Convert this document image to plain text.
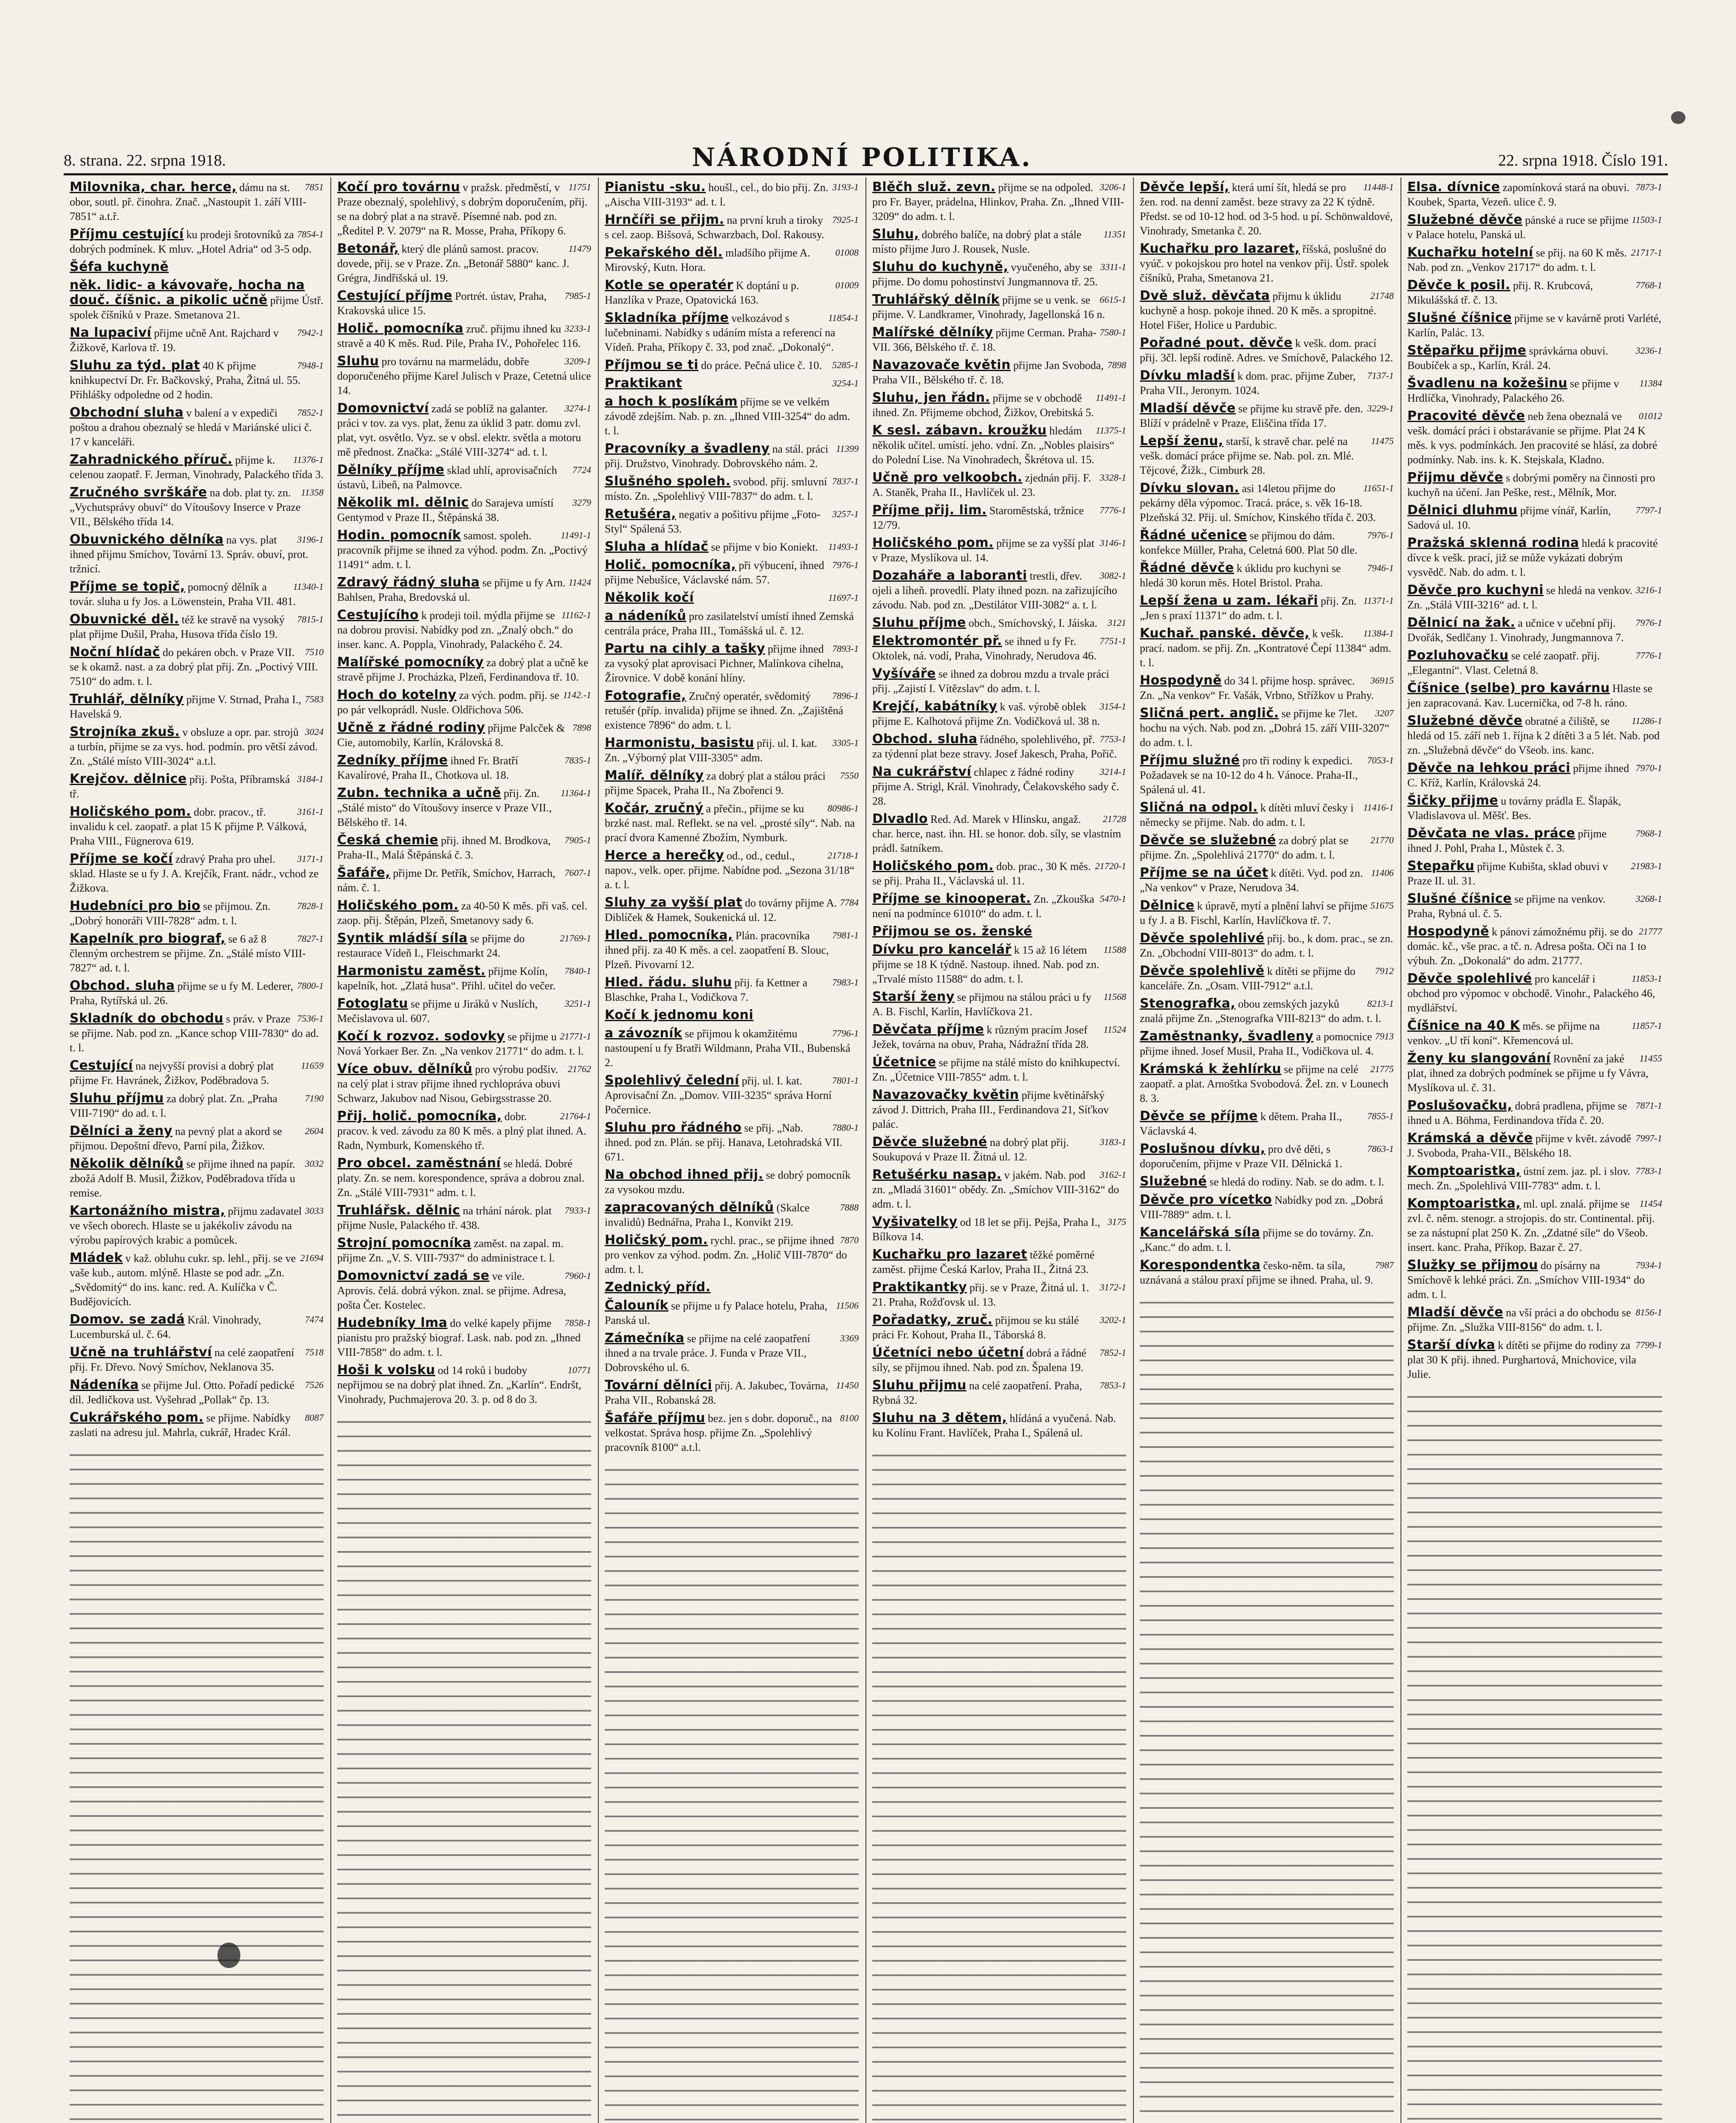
8. strana. 22. srpna 1918.	NÁRODNÍ POLITIKA.	22. srpna 1918. Číslo 191.
7851
Milovnika, char. herce, dámu na st. obor, soutl. př. činohra. Znač. „Nastoupit 1. září VIII-7851“ a.t.ř.
7854-1
Příjmu cestující ku prodeji šrotovníků za dobrých podmínek. K mluv. „Hotel Adria“ od 3-5 odp.
Šéfa kuchyně
něk. lidic- a kávovaře, hocha na douč. číšnic. a pikolic učně přijme Ústř. spolek číšníků v Praze. Smetanova 21.
7942-1
Na lupaciví přijme učně Ant. Rajchard v Žižkově, Karlova tř. 19.
7948-1
Sluhu za týd. plat 40 K přijme knihkupectví Dr. Fr. Bačkovský, Praha, Žitná ul. 55. Přihlášky odpoledne od 2 hodin.
7852-1
Obchodní sluha v balení a v expediči poštou a drahou obeznalý se hledá v Mariánské ulici č. 17 v kanceláři.
11376-1
Zahradnického příruč. přijme k. celenou zaopatř. F. Jerman, Vinohrady, Palackého třída 3.
11358
Zručného svrškáře na dob. plat ty. zn. „Vychutsprávy obuví“ do Vítoušovy Inserce v Praze VII., Bělského třída 14.
3196-1
Obuvnického dělníka na vys. plat ihned přijmu Smíchov, Tovární 13. Správ. obuví, prot. tržnicí.
11340-1
Příjme se topič, pomocný dělník a továr. sluha u fy Jos. a Löwenstein, Praha VII. 481.
7815-1
Obuvnické děl. též ke stravě na vysoký plat přijme Dušil, Praha, Husova třída číslo 19.
7510
Noční hlídač do pekáren obch. v Praze VII. se k okamž. nast. a za dobrý plat přij. Zn. „Poctivý VIII. 7510“ do adm. t. l.
7583
Truhlář, dělníky přijme V. Strnad, Praha I., Havelská 9.
3024
Strojníka zkuš. v obsluze a opr. par. strojů a turbín, přijme se za vys. hod. podmín. pro větší závod. Zn. „Stálé místo VIII-3024“ a.t.l.
3184-1
Krejčov. dělnice přij. Pošta, Příbramská tř.
3161-1
Holičského pom. dobr. pracov., tř. invalidu k cel. zaopatř. a plat 15 K přijme P. Válková, Praha VIII., Fügnerova 619.
3171-1
Příjme se kočí zdravý Praha pro uhel. sklad. Hlaste se u fy J. A. Krejčík, Frant. nádr., vchod ze Žižkova.
7828-1
Hudebníci pro bio se přijmou. Zn. „Dobrý honoráři VIII-7828“ adm. t. l.
7827-1
Kapelník pro biograf, se 6 až 8 členným orchestrem se přijme. Zn. „Stálé místo VIII-7827“ ad. t. l.
7800-1
Obchod. sluha přijme se u fy M. Lederer, Praha, Rytířská ul. 26.
7536-1
Skladník do obchodu s práv. v Praze se přijme. Nab. pod zn. „Kance schop VIII-7830“ do ad. t. l.
11659
Cestující na nejvyšší provisi a dobrý plat přijme Fr. Havránek, Žižkov, Poděbradova 5.
7190
Sluhu příjmu za dobrý plat. Zn. „Praha VIII-7190“ do ad. t. l.
2604
Dělníci a ženy na pevný plat a akord se přijmou. Depoštní dřevo, Parní pila, Žižkov.
3032
Několik dělníků se přijme ihned na papír. zbožá Adolf B. Musil, Žižkov, Poděbradova třída u remise.
3033
Kartonážního mistra, přijmu zadavatel ve všech oborech. Hlaste se u jakékoliv závodu na výrobu papírových krabic a pomůcek.
21694
Mládek v kaž. obluhu cukr. sp. lehl., přij. se ve vaše kub., autom. mlýně. Hlaste se pod adr. „Zn. „Svědomitý“ do ins. kanc. red. A. Kulíčka v Č. Budějovicích.
7474
Domov. se zadá Král. Vinohrady, Lucemburská ul. č. 64.
7518
Učně na truhlářství na celé zaopatření přij. Fr. Dřevo. Nový Smíchov, Neklanova 35.
7526
Nádeníka se přijme Jul. Otto. Pořadí pedické díl. Jedličkova ust. Vyšehrad „Pollak“ čp. 13.
8087
Cukrářského pom. se přijme. Nabídky zaslati na adresu jul. Mahrla, cukrář, Hradec Král.
11751
Kočí pro továrnu v pražsk. předměstí, v Praze obeznalý, spolehlivý, s dobrým doporučením, přij. se na dobrý plat a na stravě. Písemné nab. pod zn. „Ředitel P. V. 2079“ na R. Mosse, Praha, Příkopy 6.
11479
Betonář, který dle plánů samost. pracov. dovede, přij. se v Praze. Zn. „Betonář 5880“ kanc. J. Grégra, Jindřišská ul. 19.
7985-1
Cestující příjme Portrét. ústav, Praha, Krakovská ulice 15.
3233-1
Holič. pomocníka zruč. přijmu ihned ku stravě a 40 K měs. Rud. Pile, Praha IV., Pohořelec 116.
3209-1
Sluhu pro továrnu na marmeládu, dobře doporučeného přijme Karel Julisch v Praze, Cetetná ulice 14.
3274-1
Domovnictví zadá se poblíž na galanter. práci v tov. za vys. plat, ženu za úklid 3 patr. domu zvl. plat, vyt. osvětlo. Vyz. se v obsl. elektr. světla a motoru mě přednost. Značka: „Stálé VIII-3274“ ad. t. l.
7724
Dělníky příjme sklad uhlí, aprovisačních ústavů, Libeň, na Palmovce.
3279
Několik ml. dělnic do Sarajeva umístí Gentymod v Praze II., Štěpánská 38.
11491-1
Hodin. pomocník samost. spoleh. pracovník přijme se ihned za výhod. podm. Zn. „Poctivý 11491“ adm. t. l.
11424
Zdravý řádný sluha se přijme u fy Arn. Bahlsen, Praha, Bredovská ul.
11162-1
Cestujícího k prodeji toil. mýdla přijme se na dobrou provisi. Nabídky pod zn. „Znalý obch.“ do inser. kanc. A. Poppla, Vinohrady, Palackého č. 24.
Malířské pomocníky za dobrý plat a učně ke stravě přijme J. Procházka, Plzeň, Ferdinandova tř. 10.
1142.-1
Hoch do kotelny za vých. podm. přij. se po pár velkoprádl. Nusle. Oldřichova 506.
7898
Učně z řádné rodiny přijme Palcček & Cie, automobily, Karlín, Královská 8.
7835-1
Zedníky příjme ihned Fr. Bratří Kavalírové, Praha II., Chotkova ul. 18.
11364-1
Zubn. technika a učně přij. Zn. „Stálé misto“ do Vítoušovy inserce v Praze VII., Bělského tř. 14.
7905-1
Česká chemie přij. ihned M. Brodkova, Praha-II., Malá Štěpánská č. 3.
7607-1
Šafáře, přijme Dr. Petřík, Smíchov, Harrach, nám. č. 1.
Holičského pom. za 40-50 K měs. při vaš. cel. zaop. přij. Štěpán, Plzeň, Smetanovy sady 6.
21769-1
Syntik mládší síla se přijme do restaurace Vídeň I., Fleischmarkt 24.
7840-1
Harmonistu zaměst. přijme Kolín, kapelník, hot. „Zlatá husa“. Přihl. učitel do večer.
3251-1
Fotoglatu se přijme u Jiráků v Nuslích, Mečislavova ul. 607.
21771-1
Kočí k rozvoz. sodovky se přijme u Nová Yorkaer Ber. Zn. „Na venkov 21771“ do adm. t. l.
21762
Více obuv. dělníků pro výrobu podšiv. na celý plat i strav přijme ihned rychlopráva obuvi Schwarz, Jakubov nad Nisou, Gebirgsstrasse 20.
21764-1
Přij. holič. pomocníka, dobr. pracov. k ved. závodu za 80 K měs. a plný plat ihned. A. Radn, Nymburk, Komenského tř.
Pro obcel. zaměstnání se hledá. Dobré platy. Zn. se nem. korespondence, správa a dobrou znal. Zn. „Stálé VIII-7931“ adm. t. l.
7933-1
Truhlářsk. dělnic na trhání nárok. plat přijme Nusle, Palackého tř. 438.
Strojní pomocníka zaměst. na zapal. m. přijme Zn. „V. S. VIII-7937“ do administrace t. l.
7960-1
Domovnictví zadá se ve vile. Aprovis. čelá. dobrá výkon. znal. se přijme. Adresa, pošta Čer. Kosteleс.
7858-1
Hudebníky lma do velké kapely přijme pianistu pro pražský biograf. Lask. nab. pod zn. „Ihned VIII-7858“ do adm. t. l.
10771
Hoši k volsku od 14 roků i budoby nepřijmou se na dobrý plat ihned. Zn. „Karlín“. Endršt, Vinohrady, Puchmajerova 20. 3. p. od 8 do 3.
3193-1
Pianistu -sku. houšl., cel., do bio přij. Zn. „Aischa VIII-3193“ ad. t. l.
7925-1
Hrnčíři se přijm. na první kruh a tiroky s cel. zaop. Bišsová, Schwarzbach, Dol. Rakousy.
01008
Pekařského děl. mladšího přijme A. Mirovský, Kutn. Hora.
01009
Kotle se operatér K doptání u p. Hanzlíka v Praze, Opatovická 163.
11854-1
Skladníka příjme velkozávod s lučebninami. Nabídky s udáním místa a referencí na Vídeň. Praha, Příkopy č. 33, pod znač. „Dokonalý“.
5285-1
Příjmou se ti do práce. Pečná ulice č. 10.
3254-1
Praktikant
a hoch k poslíkám přijme se ve velkém závodě zdejším. Nab. p. zn. „Ihned VIII-3254“ do adm. t. l.
11399
Pracovníky a švadleny na stál. práci přij. Družstvo, Vinohrady. Dobrovského nám. 2.
7837-1
Slušného spoleh. svobod. přij. smluvní místo. Zn. „Spolehlivý VIII-7837“ do adm. t. l.
3257-1
Retušéra, negativ a pošitivu přijme „Foto-Styl“ Spálená 53.
11493-1
Sluha a hlídač se přijme v bio Koniekt.
7976-1
Holič. pomocníka, při výbucení, ihned přijme Nebušice, Václavské nám. 57.
11697-1
Několik kočí
a nádeníků pro zasilatelství umístí ihned Zemská centrála práce, Praha III., Tomášská ul. č. 12.
7893-1
Partu na cihly a tašky přijme ihned za vysoký plat aprovisací Pichner, Malínkova cihelna, Žírovnice. V době konání hlíny.
7896-1
Fotografie, Zručný operatér, svědomitý retušér (příp. invalida) přijme se ihned. Zn. „Zajištěná existence 7896“ do adm. t. l.
3305-1
Harmonistu, basistu přij. ul. I. kat. Zn. „Výborný plat VIII-3305“ adm.
7550
Malíř. dělníky za dobrý plat a stálou práci přijme Spacek, Praha II., Na Zbořenci 9.
80986-1
Kočár, zručný a přečin., přijme se ku brzké nast. mal. Reflekt. se na vel. „prosté síly“. Nab. na prací dvora Kamenné Zbožím, Nymburk.
21718-1
Herce a herečky od., od., cedul., napov., velk. oper. přijme. Nabídne pod. „Sezona 31/18“ a. t. l.
7784
Sluhy za vyšší plat do továrny přijme A. Diblíček & Hamek, Soukenická ul. 12.
7981-1
Hled. pomocníka, Plán. pracovníka ihned přij. za 40 K měs. a cel. zaopatření B. Slouc, Plzeň. Pivovarní 12.
7983-1
Hled. řádu. sluhu přij. fa Kettner a Blaschke, Praha I., Vodičkova 7.
Kočí k jednomu koni
7796-1
a závozník se přijmou k okamžitému nastoupení u fy Bratři Wildmann, Praha VII., Bubenská 2.
7801-1
Spolehlivý čelední přij. ul. I. kat. Aprovisační Zn. „Domov. VIII-3235“ správa Horní Počernice.
7880-1
Sluhu pro řádného se přij. „Nab. ihned. pod zn. Plán. se přij. Hanava, Letohradská VII. 671.
Na obchod ihned přij. se dobrý pomocník za vysokou mzdu.
7888
zapracovaných dělníků (Skalce invalidů) Bednářna, Praha I., Konvikt 219.
7870
Holičský pom. rychl. prac., se přijme ihned pro venkov za výhod. podm. Zn. „Holič VIII-7870“ do adm. t. l.
Zednický příd.
11506
Čalouník se přijme u fy Palace hotelu, Praha, Panská ul.
3369
Zámečníka se přijme na celé zaopatření ihned a na trvale práce. J. Funda v Praze VII., Dobrovského ul. 6.
11450
Tovární dělníci přij. A. Jakubec, Továrna, Praha VII., Robanská 28.
8100
Šafáře příjmu bez. jen s dobr. doporuč., na velkostat. Správa hosp. přijme Zn. „Spolehlivý pracovník 8100“ a.t.l.
3206-1
Blěčh služ. zevn. přijme se na odpoled. pro Fr. Bayer, prádelna, Hlinkov, Praha. Zn. „Ihned VIII-3209“ do adm. t. l.
11351
Sluhu, dobrého balíče, na dobrý plat a stále místo přijme Juro J. Rousek, Nusle.
3311-1
Sluhu do kuchyně, vyučeného, aby se přijme. Do domu pohostinství Jungmannova tř. 25.
6615-1
Truhlářský dělník přijme se u venk. se přijme. V. Landkramer, Vinohrady, Jagellonská 16 n.
7580-1
Malířské dělníky přijme Cerman. Praha-VII. 366, Bělského tř. č. 18.
7898
Navazovače květin přijme Jan Svoboda, Praha VII., Bělského tř. č. 18.
11491-1
Sluhu, jen řádn. přijme se v obchodě ihned. Zn. Přijmeme obchod, Žižkov, Orebitská 5.
11375-1
K sesl. zábavn. kroužku hledám několik učitel. umístí. jeho. vdní. Zn. „Nobles plaisirs“ do Polední Lise. Na Vinohradech, Škrétova ul. 15.
3328-1
Učně pro velkoobch. zjednán přij. F. A. Staněk, Praha II., Havlíček ul. 23.
7776-1
Příjme přij. lim. Staroměstská, tržnice 12/79.
3146-1
Holičského pom. přijme se za vyšší plat v Praze, Myslíkova ul. 14.
3082-1
Dozaháře a laboranti trestli, dřev. ojeli a líheň. provedlí. Platy ihned pozn. na zařizujícího závodu. Nab. pod zn. „Destilátor VIII-3082“ a. t. l.
3121
Sluhu příjme obch., Smíchovský, I. Jáiska.
7751-1
Elektromontér př. se ihned u fy Fr. Oktolek, ná. vodí, Praha, Vinohrady, Nerudova 46.
Vyšíváře se ihned za dobrou mzdu a trvale práci přij. „Zajistí I. Vítězslav“ do adm. t. l.
3154-1
Krejčí, kabátníky k vaš. výrobě oblek přijme E. Kalhotová přijme Zn. Vodičková ul. 38 n.
7753-1
Obchod. sluha řádného, spolehlivého, př. za týdenní plat beze stravy. Josef Jakesch, Praha, Pořič.
3214-1
Na cukrářství chlapec z řádné rodiny přijme A. Strigl, Král. Vinohrady, Čelakovského sady č. 28.
21728
Dlvadlo Red. Ad. Marek v Hlinsku, angaž. char. herce, nast. ihn. HI. se honor. dob. síly, se vlastním prádl. šatníkem.
21720-1
Holičského pom. dob. prac., 30 K měs. se přij. Praha II., Václavská ul. 11.
5470-1
Příjme se kinooperat. Zn. „Zkouška není na podmínce 61010“ do adm. t. l.
Přijmou se os. ženské
11588
Dívku pro kancelář k 15 až 16 létem přijme se 18 K týdně. Nastoup. ihned. Nab. pod zn. „Trvalé místo 11588“ do adm. t. l.
11568
Starší ženy se přijmou na stálou práci u fy A. B. Fischl, Karlín, Havlíčkova 21.
11524
Děvčata příjme k různým pracím Josef Ježek, továrna na obuv, Praha, Nádražní třída 28.
Účetnice se přijme na stálé místo do knihkupectví. Zn. „Účetnice VIII-7855“ adm. t. l.
Navazovačky květin přijme květinářský závod J. Dittrich, Praha III., Ferdinandova 21, Síťkov palác.
3183-1
Děvče služebné na dobrý plat přij. Soukupová v Praze II. Žitná ul. 12.
3162-1
Retušérku nasap. v jakém. Nab. pod zn. „Mladá 31601“ obědy. Zn. „Smíchov VIII-3162“ do adm. t. l.
3175
Vyšivatelky od 18 let se přij. Pejša, Praha I., Bílkova 14.
Kuchařku pro lazaret těžké poměrné zaměst. přijme Česká Karlov, Praha II., Žitná 23.
3172-1
Praktikantky přij. se v Praze, Žitná ul. 1. 21. Praha, Rožďovsk ul. 13.
3202-1
Pořadatky, zruč. přijmou se ku stálé práci Fr. Kohout, Praha II., Táborská 8.
7852-1
Účetníci nebo účetní dobrá a řádné síly, se přijmou ihned. Nab. pod zn. Špalena 19.
7853-1
Sluhu přijmu na celé zaopatření. Praha, Rybná 32.
Sluhu na 3 dětem, hlídáná a vyučená. Nab. ku Kolínu Frant. Havlíček, Praha I., Spálená ul.
11448-1
Děvče lepší, která umí šít, hledá se pro žen. rod. na denní zaměst. beze stravy za 22 K týdně. Předst. se od 10-12 hod. od 3-5 hod. u pí. Schönwaldové, Vinohrady, Smetanka č. 20.
Kuchařku pro lazaret, říšská, poslušné do vyúč. v pokojskou pro hotel na venkov přij. Ústř. spolek číšníků, Praha, Smetanova 21.
21748
Dvě služ. děvčata přijmu k úklidu kuchyně a hosp. pokoje ihned. 20 K měs. a spropitné. Hotel Fišer, Holice u Pardubic.
Pořadné pout. děvče k vešk. dom. prací přij. 3čl. lepší rodině. Adres. ve Smíchově, Palackého 12.
7137-1
Dívku mladší k dom. prac. přijme Zuber, Praha VII., Jeronym. 1024.
3229-1
Mladší děvče se přijme ku stravě pře. den. Blíží v prádelně v Praze, Eliščina třída 17.
11475
Lepší ženu, starší, k stravě char. pelé na vešk. domácí práce přijme se. Nab. pol. zn. Mlé. Tějcové, Žižk., Cimburk 28.
11651-1
Dívku slovan. asi 14letou přijme do pekárny děla výpomoc. Tracá. práce, s. věk 16-18. Plzeňská 32. Přij. ul. Smíchov, Kinského třída č. 203.
7976-1
Řádné učenice se přijmou do dám. konfekce Müller, Praha, Celetná 600. Plat 50 dle.
7946-1
Řádné děvče k úklidu pro kuchyni se hledá 30 korun měs. Hotel Bristol. Praha.
11371-1
Lepší žena u zam. lékaři přij. Zn. „Jen s praxí 11371“ do adm. t. l.
11384-1
Kuchař. panské. děvče, k vešk. prací. nadom. se přij. Zn. „Kontratové Čepí 11384“ adm. t. l.
36915
Hospodyně do 34 l. přijme hosp. správec. Zn. „Na venkov“ Fr. Vašák, Vrbno, Střížkov u Prahy.
3207
Sličná pert. anglič. se přijme ke 7let. hochu na vých. Nab. pod zn. „Dobrá 15. září VIII-3207“ do adm. t. l.
7053-1
Příjmu služné pro tři rodiny k expedici. Požadavek se na 10-12 do 4 h. Vánoce. Praha-II., Spálená ul. 41.
11416-1
Sličná na odpol. k dítěti mluví česky i německy se přijme. Nab. do adm. t. l.
21770
Děvče se služebné za dobrý plat se přijme. Zn. „Spolehlivá 21770“ do adm. t. l.
11406
Příjme se na účet k dítěti. Vyd. pod zn. „Na venkov“ v Praze, Nerudova 34.
51675
Dělnice k úpravě, mytí a plnění lahví se přijme u fy J. a B. Fischl, Karlín, Havlíčkova tř. 7.
Děvče spolehlivé přij. bo., k dom. prac., se zn. Zn. „Obchodní VIII-8013“ do adm. t. l.
7912
Děvče spolehlivě k dítěti se přijme do kanceláře. Zn. „Osam. VIII-7912“ a.t.l.
8213-1
Stenografka, obou zemských jazyků znalá přijme Zn. „Stenografka VIII-8213“ do adm. t. l.
7913
Zaměstnanky, švadleny a pomocnice přijme ihned. Josef Musil, Praha II., Vodičkova ul. 4.
21775
Krámská k žehlírku se přijme na celé zaopatř. a plat. Arnoštka Svobodová. Žel. zn. v Lounech 8. 3.
7855-1
Děvče se příjme k dětem. Praha II., Václavská 4.
7863-1
Poslušnou dívku, pro dvě děti, s doporučením, přijme v Praze VII. Dělnická 1.
Služebné se hledá do rodiny. Nab. se do adm. t. l.
Děvče pro vícetko Nabídky pod zn. „Dobrá VIII-7889“ adm. t. l.
Kancelářská síla přijme se do továrny. Zn. „Kanc.“ do adm. t. l.
7987
Korespondentka česko-něm. ta síla, uznávaná a stálou praxí přijme se ihned. Praha, ul. 9.
7873-1
Elsa. dívnice zapomínková stará na obuvi. Koubek, Sparta, Vezeň. ulice č. 9.
11503-1
Služebné děvče pánské a ruce se přijme v Palace hotelu, Panská ul.
21717-1
Kuchařku hotelní se přij. na 60 K měs. Nab. pod zn. „Venkov 21717“ do adm. t. l.
7768-1
Děvče k posil. přij. R. Krubcová, Mikulášská tř. č. 13.
Slušné číšnice přijme se v kavárně proti Varlété, Karlín, Palác. 13.
3236-1
Stěpařku přijme správkárna obuvi. Boubíček a sp., Karlín, Král. 24.
11384
Švadlenu na kožešinu se přijme v Hrdlíčka, Vinohrady, Palackého 26.
01012
Pracovité děvče neb žena obeznalá ve vešk. domácí práci i obstarávanie se přijme. Plat 24 K měs. k vys. podmínkách. Jen pracovité se hlásí, za dobré podmínky. Nab. ins. k. K. Stejskala, Kladno.
Přijmu děvče s dobrými poměry na činnosti pro kuchyň na účení. Jan Peške, rest., Mělník, Mor.
7797-1
Dělnici dluhmu přijme vínář, Karlín, Sadová ul. 10.
Pražská sklenná rodina hledá k pracovité dívce k vešk. prací, již se může vykázati dobrým vysvědč. Nab. do adm. t. l.
3216-1
Děvče pro kuchyni se hledá na venkov. Zn. „Stálá VIII-3216“ ad. t. l.
7976-1
Dělnicí na žak. a učnice v učební přij. Dvořák, Sedlčany 1. Vinohrady, Jungmannova 7.
7776-1
Pozluhovačku se celé zaopatř. přij. „Elegantní“. Vlast. Celetná 8.
Číšnice (selbe) pro kavárnu Hlaste se jen zapracovaná. Kav. Lucernička, od 7-8 h. ráno.
11286-1
Služebné děvče obratné a čiliště, se hledá od 15. září neb 1. října k 2 dítěti 3 a 5 lét. Nab. pod zn. „Služebná děvče“ do Všeob. ins. kanc.
7970-1
Děvče na lehkou práci přijme ihned C. Kříž, Karlín, Královská 24.
Šičky přijme u továrny prádla E. Šlapák, Vladislavova ul. Měšť. Bes.
7968-1
Děvčata ne vlas. práce přijme ihned J. Pohl, Praha I., Můstek č. 3.
21983-1
Stepařku přijme Kubišta, sklad obuvi v Praze II. ul. 31.
3268-1
Slušné číšnice se přijme na venkov. Praha, Rybná ul. č. 5.
21777
Hospodyně k pánovi zámožnému přij. se do domác. kč., vše prac. a tč. n. Adresa pošta. Oči na 1 to výbuh. Zn. „Dokonalá“ do adm. 21777.
11853-1
Děvče spolehlivé pro kancelář i obchod pro výpomoc v obchodě. Vinohr., Palackého 46, mydlářství.
11857-1
Číšnice na 40 K měs. se přijme na venkov. „U tří koní“. Křemencová ul.
11455
Ženy ku slangování Rovnění za jaké plat, ihned za dobrých podmínek se přijme u fy Vávra, Myslíkova ul. č. 31.
7871-1
Poslušovačku, dobrá pradlena, přijme se ihned u A. Böhma, Ferdinandova třída č. 20.
7997-1
Krámská a děvče přijme v květ. závodě J. Svoboda, Praha-VII., Bělského 18.
7783-1
Komptoaristka, ústní zem. jaz. pl. i slov. mech. Zn. „Spolehlivá VIII-7783“ adm. t. l.
11454
Komptoaristka, ml. upl. znalá. přijme se zvl. č. něm. stenogr. a strojopis. do str. Continental. přij. se za nástupní plat 250 K. Zn. „Zdatné síle“ do Všeob. insert. kanc. Praha, Příkop. Bazar č. 27.
7934-1
Služky se přijmou do písárny na Smíchově k lehké práci. Zn. „Smíchov VIII-1934“ do adm. t. l.
8156-1
Mladší děvče na vší práci a do obchodu se přijme. Zn. „Služka VIII-8156“ do adm. t. l.
7799-1
Starší dívka k dítěti se přijme do rodiny za plat 30 K přij. ihned. Purghartová, Mnichovice, vila Julie.
